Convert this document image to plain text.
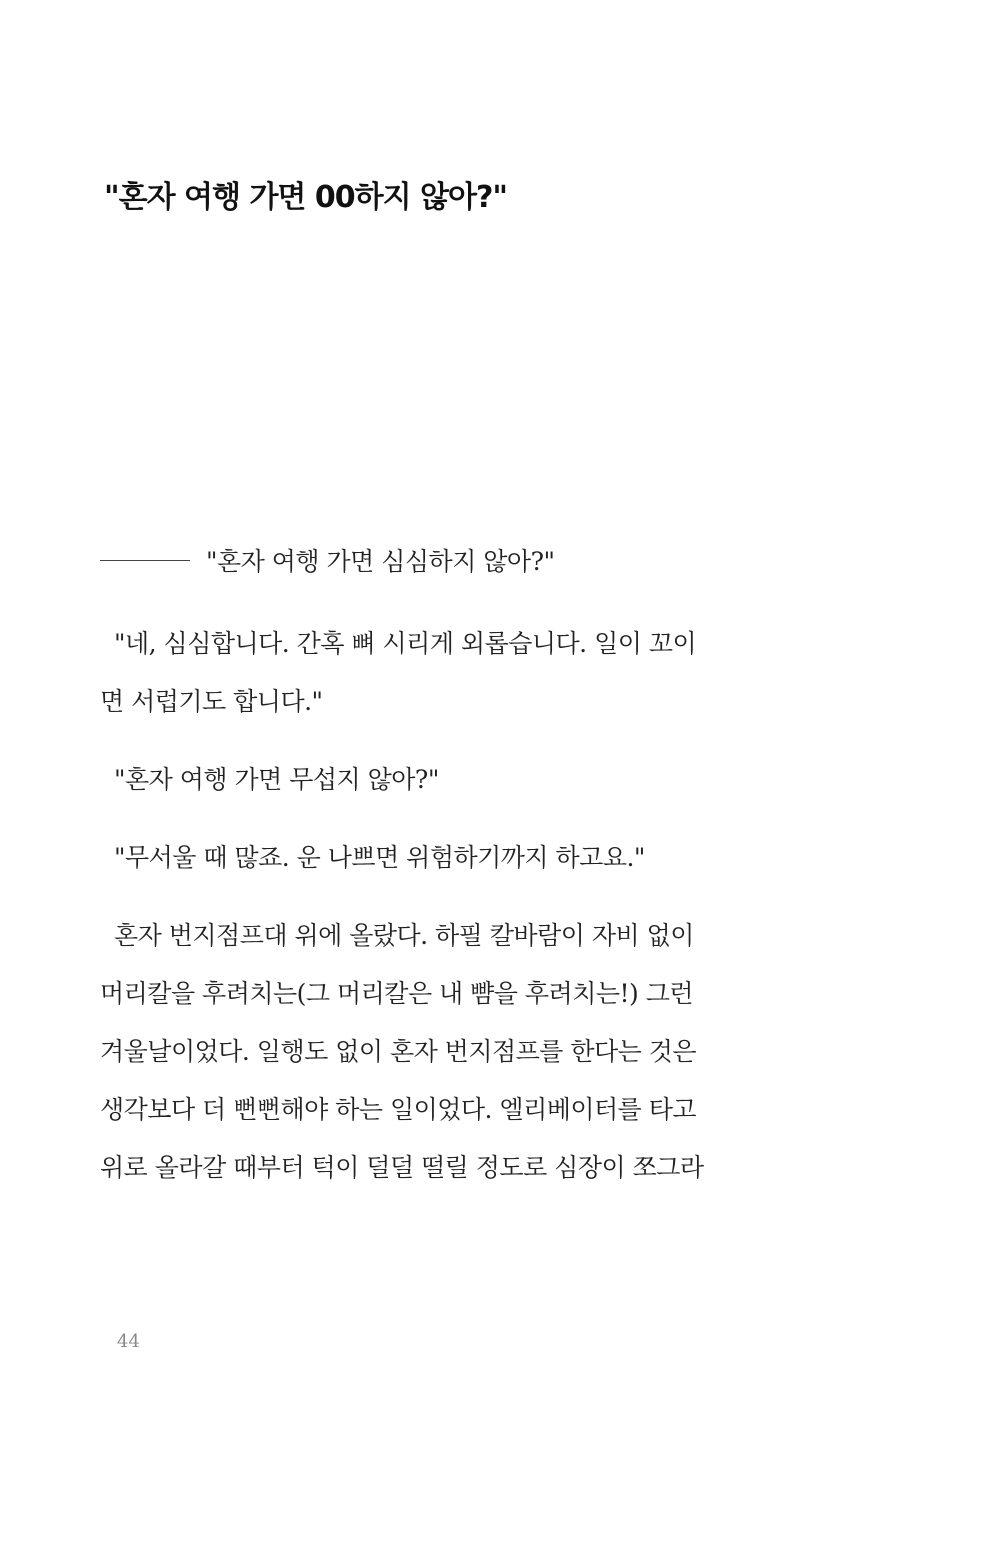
"혼자 여행 가면 00하지 않아?"
"혼자 여행 가면 심심하지 않아?"

"네, 심심합니다. 간혹 뼈 시리게 외롭습니다. 일이 꼬이
면 서럽기도 합니다."

"혼자 여행 가면 무섭지 않아?"

"무서울 때 많죠. 운 나쁘면 위험하기까지 하고요."

혼자 번지점프대 위에 올랐다. 하필 칼바람이 자비 없이
머리칼을 후려치는(그 머리칼은 내 뺨을 후려치는!) 그런
겨울날이었다. 일행도 없이 혼자 번지점프를 한다는 것은
생각보다 더 뻔뻔해야 하는 일이었다. 엘리베이터를 타고
위로 올라갈 때부터 턱이 덜덜 떨릴 정도로 심장이 쪼그라

44
